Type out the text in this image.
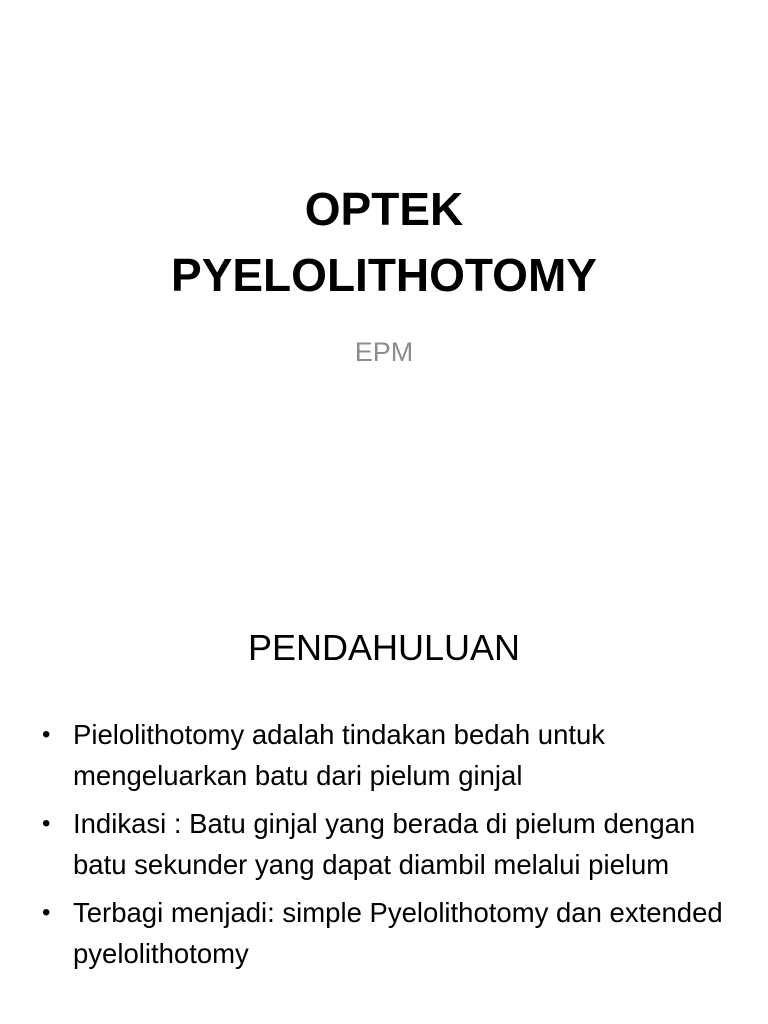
OPTEK
PYELOLITHOTOMY
EPM
PENDAHULUAN
• Pielolithotomy adalah tindakan bedah untuk mengeluarkan batu dari pielum ginjal
• Indikasi : Batu ginjal yang berada di pielum dengan batu sekunder yang dapat diambil melalui pielum
• Terbagi menjadi: simple Pyelolithotomy dan extended pyelolithotomy
